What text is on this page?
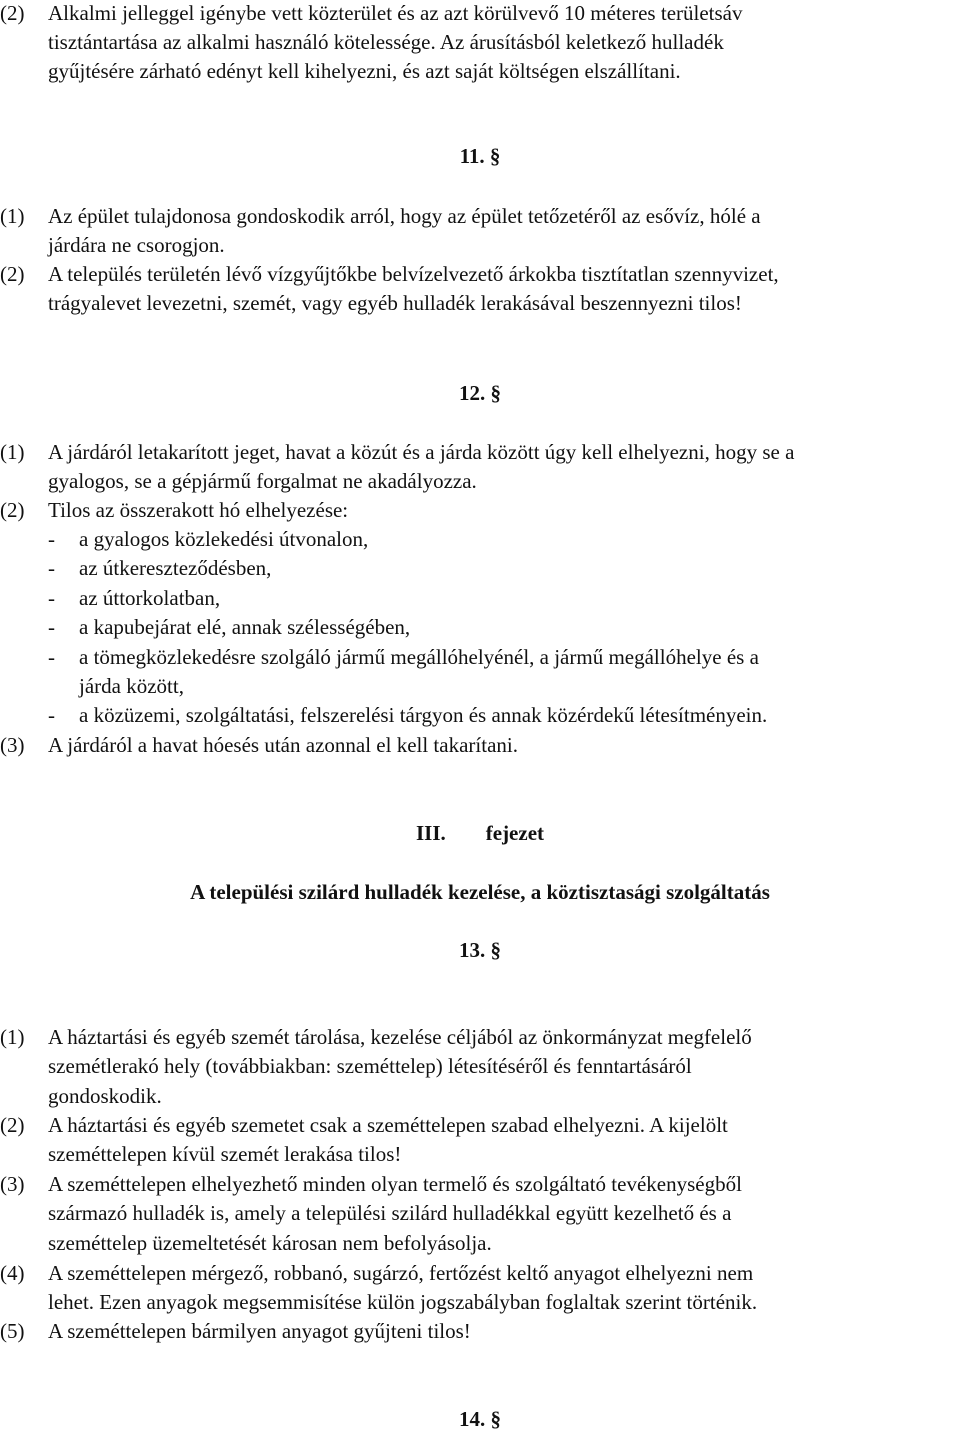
(2) Alkalmi jelleggel igénybe vett közterület és az azt körülvevő 10 méteres területsáv
tisztántartása az alkalmi használó kötelessége. Az árusításból keletkező hulladék
gyűjtésére zárható edényt kell kihelyezni, és azt saját költségen elszállítani.
11. §
(1) Az épület tulajdonosa gondoskodik arról, hogy az épület tetőzetéről az esővíz, hólé a
járdára ne csorogjon.
(2) A település területén lévő vízgyűjtőkbe belvízelvezető árkokba tisztítatlan szennyvizet,
trágyalevet levezetni, szemét, vagy egyéb hulladék lerakásával beszennyezni tilos!
12. §
(1) A járdáról letakarított jeget, havat a közút és a járda között úgy kell elhelyezni, hogy se a
gyalogos, se a gépjármű forgalmat ne akadályozza.
(2) Tilos az összerakott hó elhelyezése:
- a gyalogos közlekedési útvonalon,
- az útkereszteződésben,
- az úttorkolatban,
- a kapubejárat elé, annak szélességében,
- a tömegközlekedésre szolgáló jármű megállóhelyénél, a jármű megállóhelye és a
járda között,
- a közüzemi, szolgáltatási, felszerelési tárgyon és annak közérdekű létesítményein.
(3) A járdáról a havat hóesés után azonnal el kell takarítani.
III. fejezet
A települési szilárd hulladék kezelése, a köztisztasági szolgáltatás
13. §
(1) A háztartási és egyéb szemét tárolása, kezelése céljából az önkormányzat megfelelő
szemétlerakó hely (továbbiakban: szeméttelep) létesítéséről és fenntartásáról
gondoskodik.
(2) A háztartási és egyéb szemetet csak a szeméttelepen szabad elhelyezni. A kijelölt
szeméttelepen kívül szemét lerakása tilos!
(3) A szeméttelepen elhelyezhető minden olyan termelő és szolgáltató tevékenységből
származó hulladék is, amely a települési szilárd hulladékkal együtt kezelhető és a
szeméttelep üzemeltetését károsan nem befolyásolja.
(4) A szeméttelepen mérgező, robbanó, sugárzó, fertőzést keltő anyagot elhelyezni nem
lehet. Ezen anyagok megsemmisítése külön jogszabályban foglaltak szerint történik.
(5) A szeméttelepen bármilyen anyagot gyűjteni tilos!
14. §
